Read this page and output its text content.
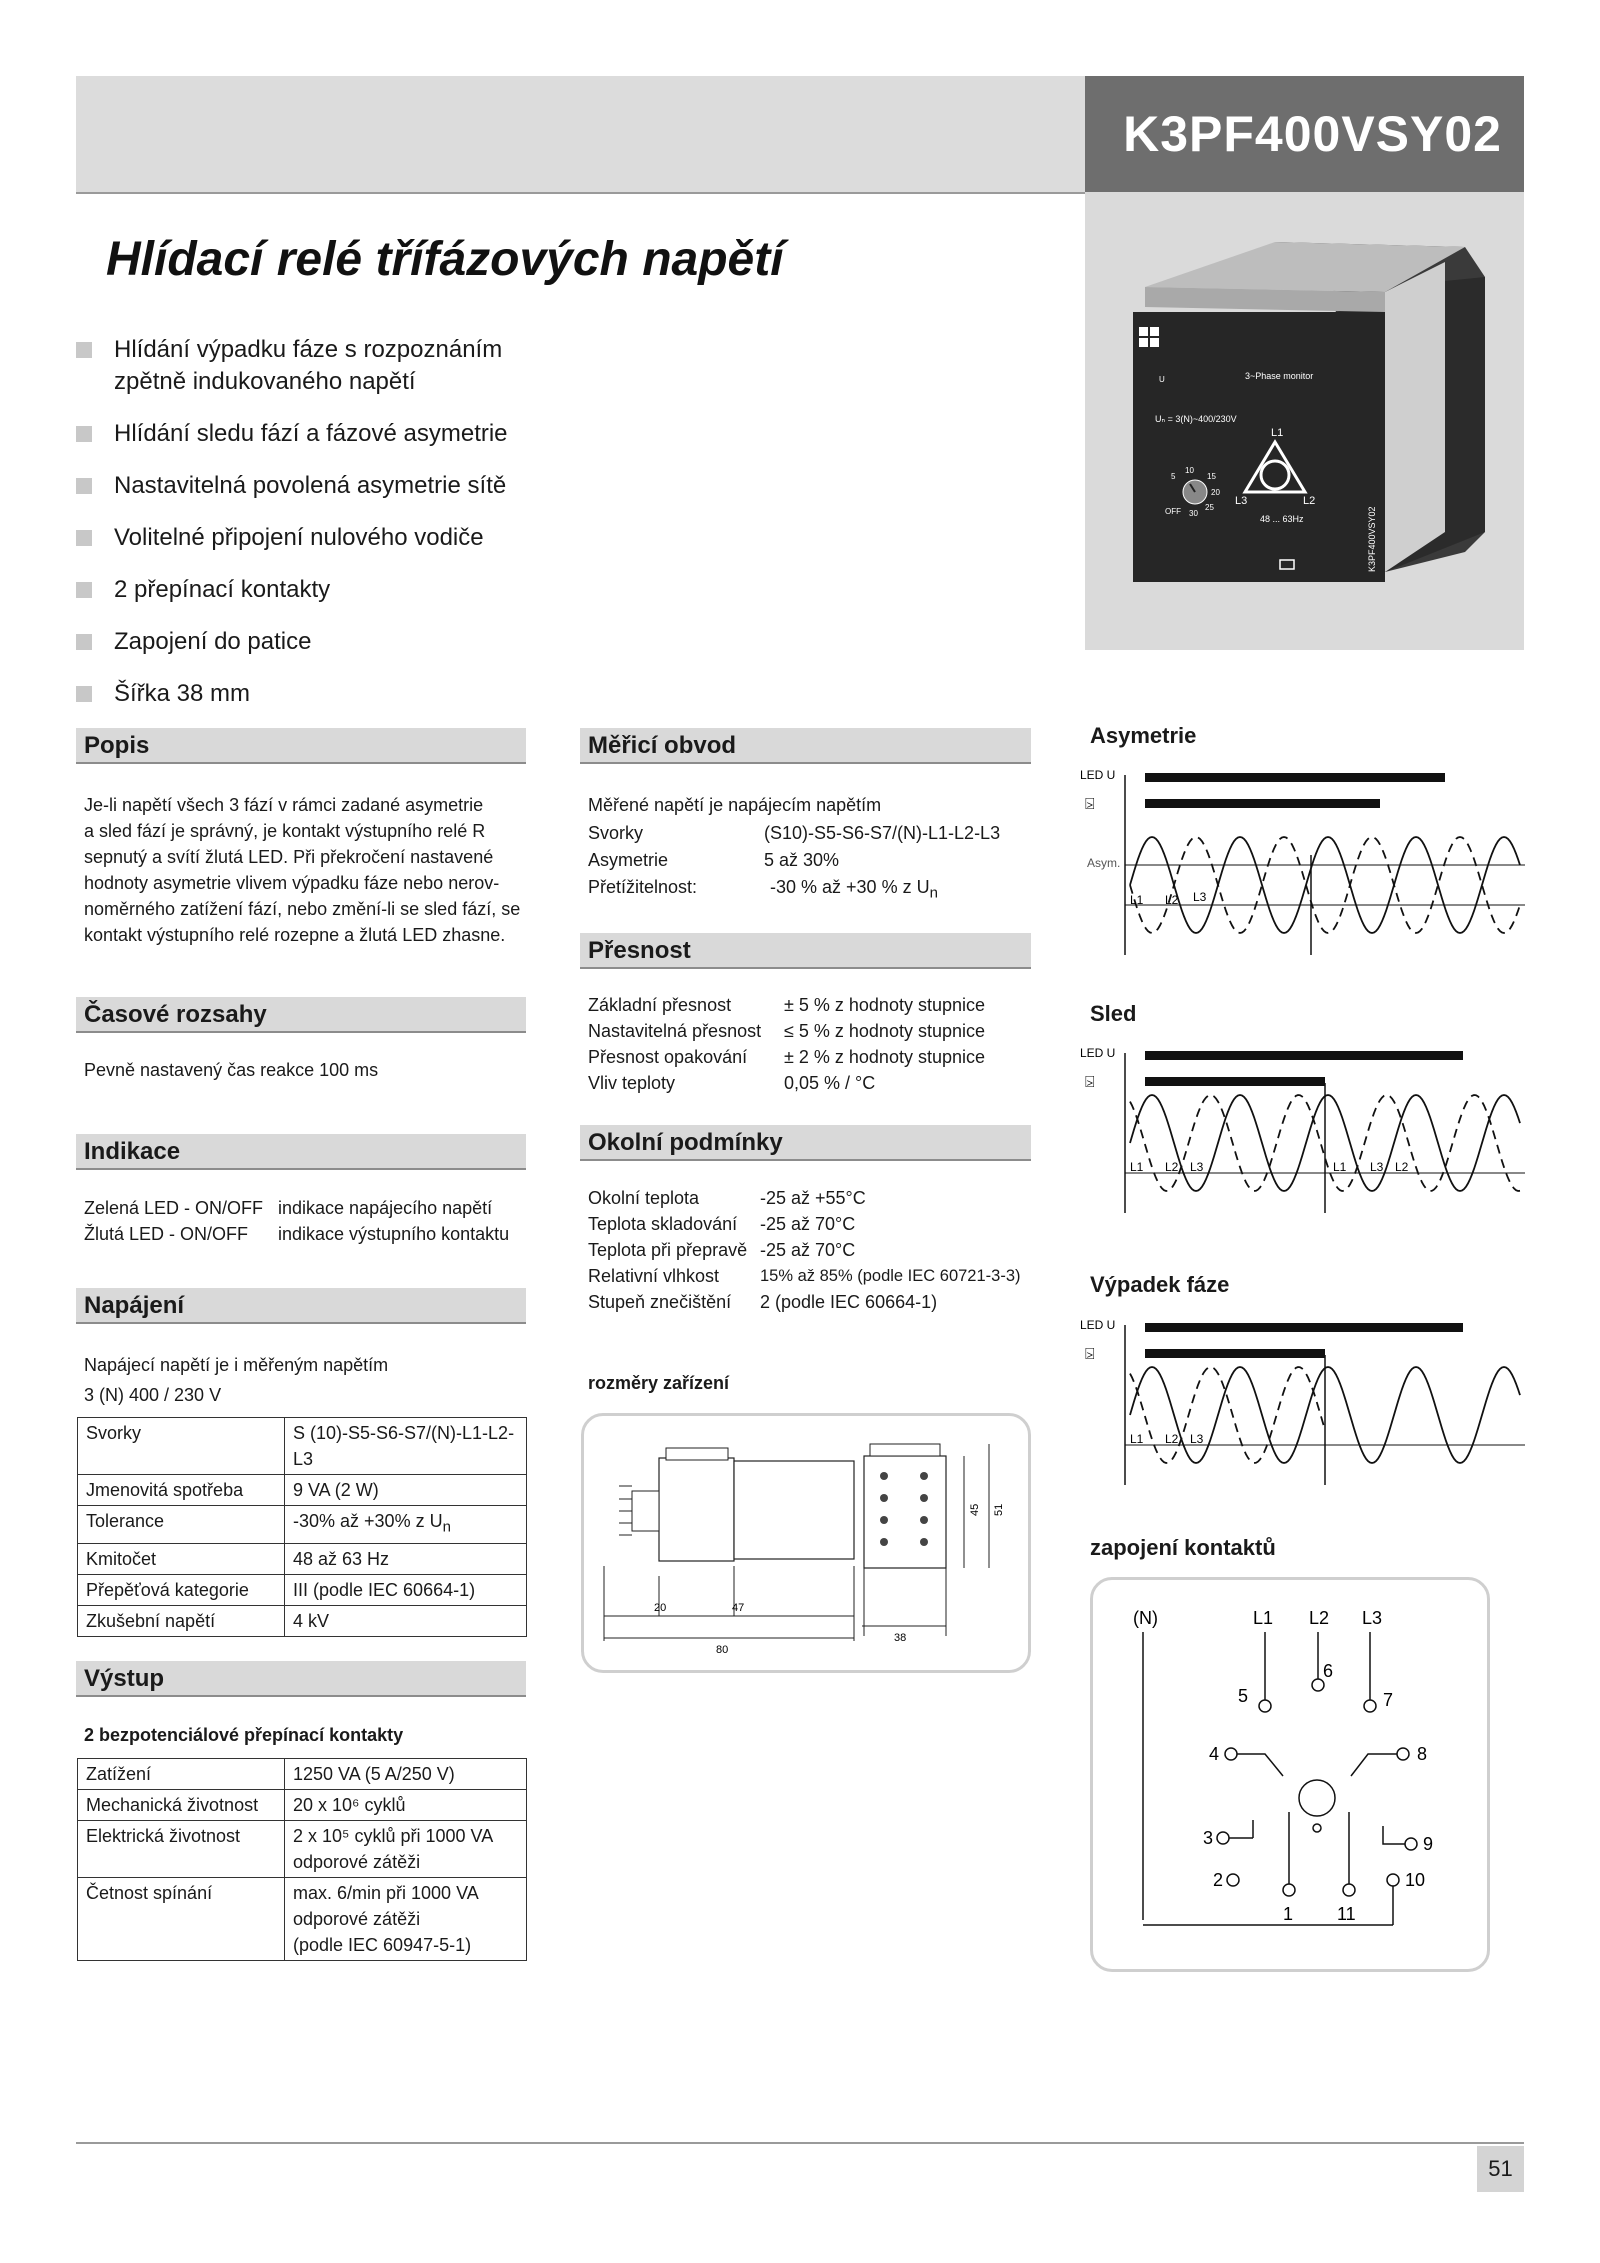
K3PF400VSY02
Hlídací relé třífázových napětí
U
Uₙ = 3(N)~400/230V
3~Phase monitor
L1
L3	L2
48 ... 63Hz
5
10
15
20
25
30
OFF	K3PF400VSY02
Hlídání výpadku fáze s rozpoznáním zpětně indukovaného napětí
Hlídání sledu fází a fázové asymetrie
Nastavitelná povolená asymetrie sítě
Volitelné připojení nulového vodiče
2 přepínací kontakty
Zapojení do patice
Šířka 38 mm
Popis
Je-li napětí všech 3 fází v rámci zadané asymetrie
a sled fází je správný, je kontakt výstupního relé R
sepnutý a svítí žlutá LED. Při překročení nastavené
hodnoty asymetrie vlivem výpadku fáze nebo nerov-
noměrného zatížení fází, nebo změní-li se sled fází, se
kontakt výstupního relé rozepne a žlutá LED zhasne.
Časové rozsahy
Pevně nastavený čas reakce 100 ms
Indikace
Zelená LED - ON/OFF indikace napájecího napětí
Žlutá LED - ON/OFF indikace výstupního kontaktu
Napájení
Napájecí napětí je i měřeným napětím
3 (N) 400 / 230 V
Svorky	S (10)-S5-S6-S7/(N)-L1-L2-L3
Jmenovitá spotřeba	9 VA (2 W)
Tolerance	-30% až +30% z $U_n$
Kmitočet	48 až 63 Hz
Přepěťová kategorie	III (podle IEC 60664-1)
Zkušební napětí	4 kV
Výstup
2 bezpotenciálové přepínací kontakty
Zatížení	1250 VA (5 A/250 V)
Mechanická životnost	20 x 10⁶ cyklů
Elektrická životnost	2 x 10⁵ cyklů při 1000 VA
odporové zátěži

Četnost spínání	max. 6/min při 1000 VA
odporové zátěži
(podle IEC 60947-5-1)
Měřicí obvod
Měřené napětí je napájecím napětím
Svorky	(S10)-S5-S6-S7/(N)-L1-L2-L3
Asymetrie	5 až 30%
Přetížitelnost:	-30 % až +30 % z $U_n$
Přesnost
Základní přesnost	± 5 % z hodnoty stupnice
Nastavitelná přesnost ≤ 5 % z hodnoty stupnice
Přesnost opakování ± 2 % z hodnoty stupnice
Vliv teploty	0,05 % / °C
Okolní podmínky
Okolní teplota	-25 až +55°C
Teplota skladování -25 až 70°C
Teplota při přepravě -25 až 70°C
Relativní vlhkost 15% až 85% (podle IEC 60721-3-3)
Stupeň znečištění 2 (podle IEC 60664-1)
rozměry zařízení
20	47
80
38
45 51
Asymetrie
LED U
⍄
Asym.
L1 L2 L3
Sled
LED U
⍄
L1 L2 L3	L1 L3 L2
Výpadek fáze
LED U
⍄
L1 L2 L3
zapojení kontaktů
(N)	L1 L2 L3
5
6
7
4	8
3	9
2	10
1 11
51
